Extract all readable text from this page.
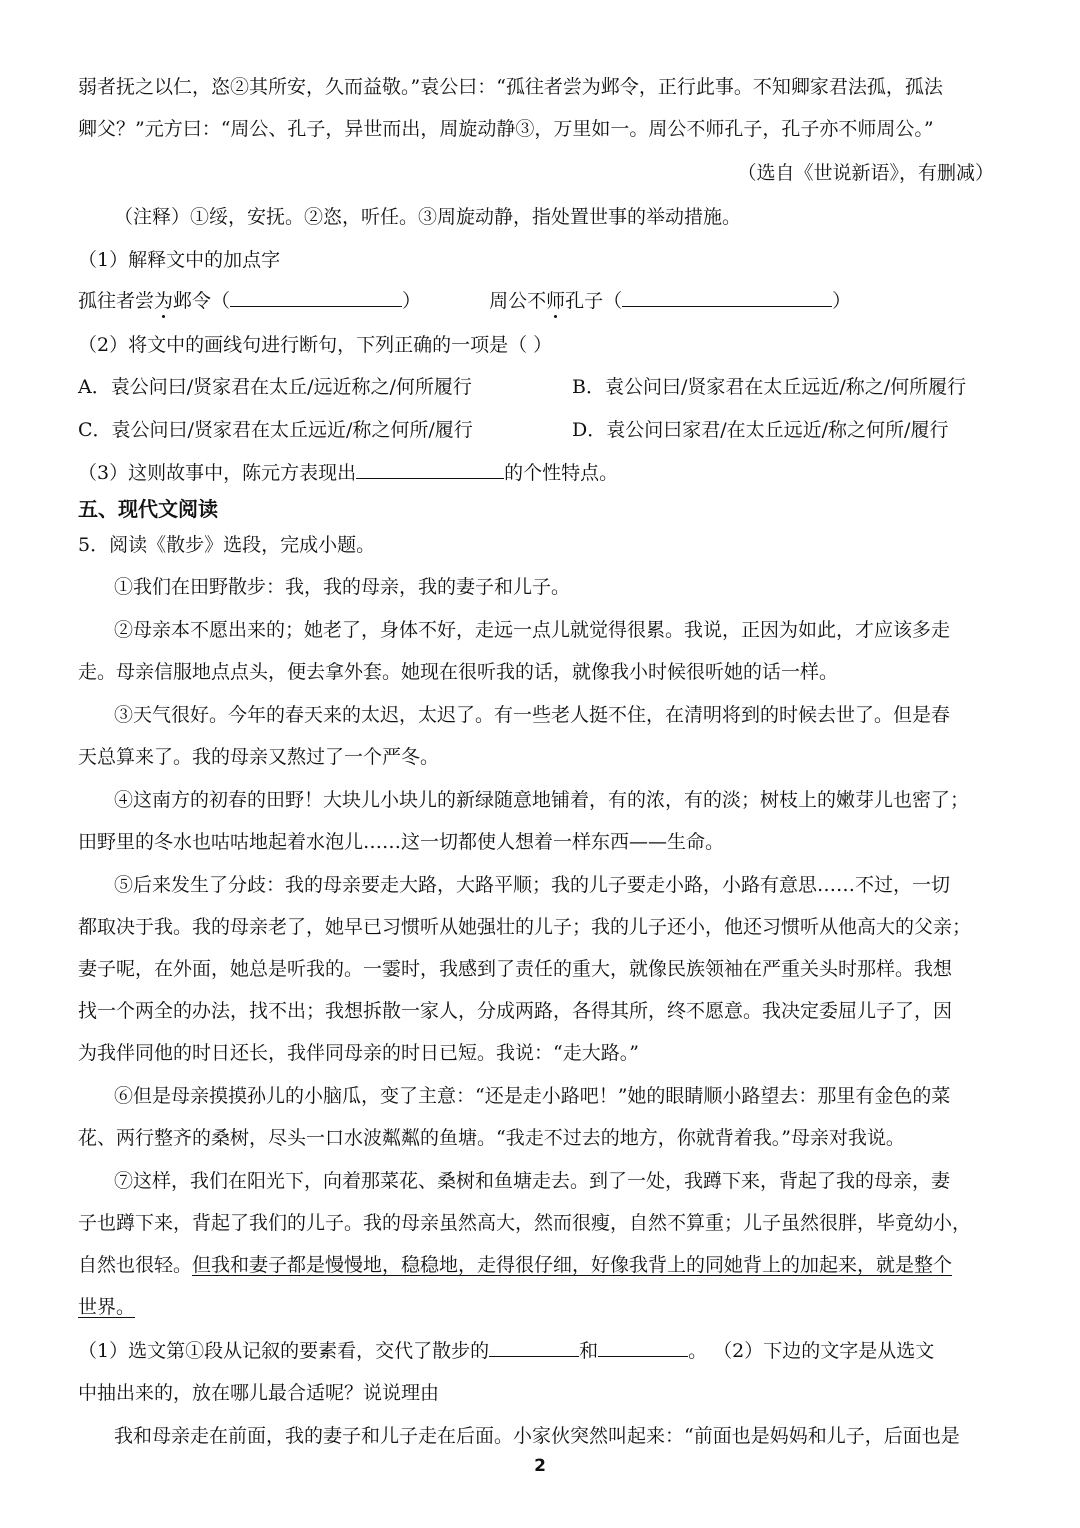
弱者抚之以仁，恣②其所安，久而益敬。”袁公曰：“孤往者尝为邺令，正行此事。不知卿家君法孤，孤法
卿父？”元方曰：“周公、孔子，异世而出，周旋动静③，万里如一。周公不师孔子，孔子亦不师周公。”
（选自《世说新语》，有删减）
（注释）①绥，安抚。②恣，听任。③周旋动静，指处置世事的举动措施。
（1）解释文中的加点字
孤往者尝为邺令（	）	周公不师孔子（	）
（2）将文中的画线句进行断句，下列正确的一项是（ ）
A．袁公问曰/贤家君在太丘/远近称之/何所履行	B．袁公问曰/贤家君在太丘远近/称之/何所履行
C．袁公问曰/贤家君在太丘远近/称之何所/履行	D．袁公问曰家君/在太丘远近/称之何所/履行
（3）这则故事中，陈元方表现出	的个性特点。
五、现代文阅读
5．阅读《散步》选段，完成小题。
①我们在田野散步：我，我的母亲，我的妻子和儿子。
②母亲本不愿出来的；她老了，身体不好，走远一点儿就觉得很累。我说，正因为如此，才应该多走
走。母亲信服地点点头，便去拿外套。她现在很听我的话，就像我小时候很听她的话一样。
③天气很好。今年的春天来的太迟，太迟了。有一些老人挺不住，在清明将到的时候去世了。但是春
天总算来了。我的母亲又熬过了一个严冬。
④这南方的初春的田野！大块儿小块儿的新绿随意地铺着，有的浓，有的淡；树枝上的嫩芽儿也密了；
田野里的冬水也咕咕地起着水泡儿……这一切都使人想着一样东西——生命。
⑤后来发生了分歧：我的母亲要走大路，大路平顺；我的儿子要走小路，小路有意思……不过，一切
都取决于我。我的母亲老了，她早已习惯听从她强壮的儿子；我的儿子还小，他还习惯听从他高大的父亲；
妻子呢，在外面，她总是听我的。一霎时，我感到了责任的重大，就像民族领袖在严重关头时那样。我想
找一个两全的办法，找不出；我想拆散一家人，分成两路，各得其所，终不愿意。我决定委屈儿子了，因
为我伴同他的时日还长，我伴同母亲的时日已短。我说：“走大路。”
⑥但是母亲摸摸孙儿的小脑瓜，变了主意：“还是走小路吧！”她的眼睛顺小路望去：那里有金色的菜
花、两行整齐的桑树，尽头一口水波粼粼的鱼塘。“我走不过去的地方，你就背着我。”母亲对我说。
⑦这样，我们在阳光下，向着那菜花、桑树和鱼塘走去。到了一处，我蹲下来，背起了我的母亲，妻
子也蹲下来，背起了我们的儿子。我的母亲虽然高大，然而很瘦，自然不算重；儿子虽然很胖，毕竟幼小，
自然也很轻。但我和妻子都是慢慢地，稳稳地，走得很仔细，好像我背上的同她背上的加起来，就是整个
世界。
（1）选文第①段从记叙的要素看，交代了散步的	和	。 （2）下边的文字是从选文
中抽出来的，放在哪儿最合适呢？说说理由
我和母亲走在前面，我的妻子和儿子走在后面。小家伙突然叫起来：“前面也是妈妈和儿子，后面也是
2
